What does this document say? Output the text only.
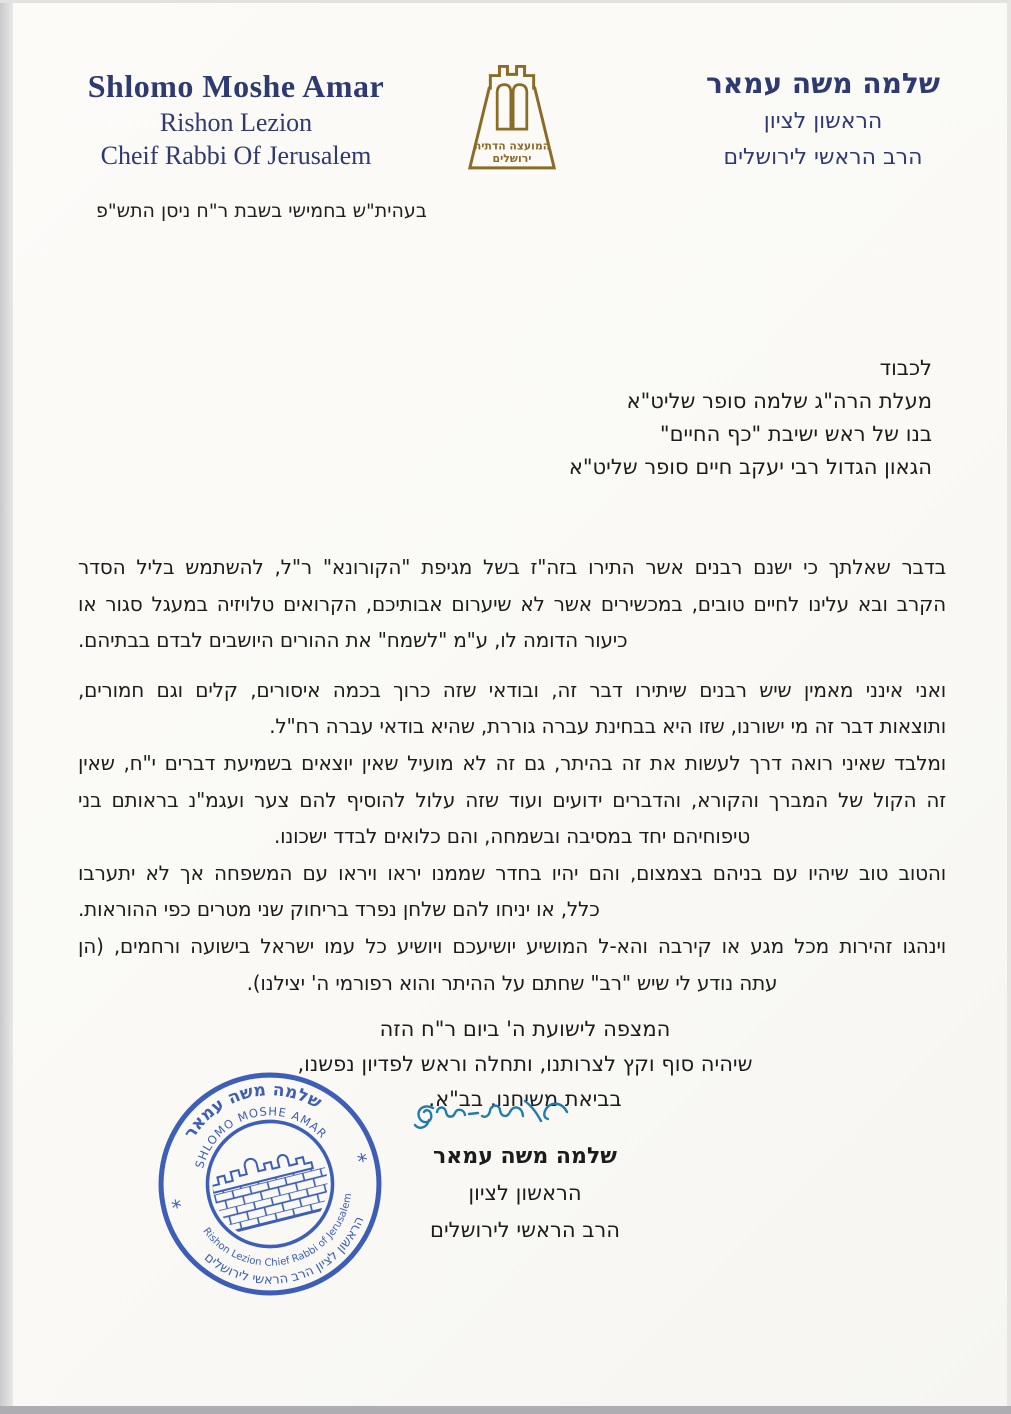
Shlomo Moshe Amar
Rishon Lezion
Cheif Rabbi Of Jerusalem	המועצה הדתית
ירושלים
שלמה משה עמאר
הראשון לציון
הרב הראשי לירושלים
בעהית"ש בחמישי בשבת ר"ח ניסן התש"פ
לכבוד
מעלת הרה"ג שלמה סופר שליט"א
בנו של ראש ישיבת "כף החיים"
הגאון הגדול רבי יעקב חיים סופר שליט"א
בדבר שאלתך כי ישנם רבנים אשר התירו בזה"ז בשל מגיפת "הקורונא" ר"ל, להשתמש בליל הסדר
הקרב ובא עלינו לחיים טובים, במכשירים אשר לא שיערום אבותיכם, הקרואים טלויזיה במעגל סגור או
כיעור הדומה לו, ע"מ "לשמח" את ההורים היושבים לבדם בבתיהם.
ואני אינני מאמין שיש רבנים שיתירו דבר זה, ובודאי שזה כרוך בכמה איסורים, קלים וגם חמורים,
ותוצאות דבר זה מי ישורנו, שזו היא בבחינת עברה גוררת, שהיא בודאי עברה רח"ל.
ומלבד שאיני רואה דרך לעשות את זה בהיתר, גם זה לא מועיל שאין יוצאים בשמיעת דברים י"ח, שאין
זה הקול של המברך והקורא, והדברים ידועים ועוד שזה עלול להוסיף להם צער ועגמ"נ בראותם בני
טיפוחיהם יחד במסיבה ובשמחה, והם כלואים לבדד ישכונו.
והטוב טוב שיהיו עם בניהם בצמצום, והם יהיו בחדר שממנו יראו ויראו עם המשפחה אך לא יתערבו
כלל, או יניחו להם שלחן נפרד בריחוק שני מטרים כפי ההוראות.
וינהגו זהירות מכל מגע או קירבה והא-ל המושיע יושיעכם ויושיע כל עמו ישראל בישועה ורחמים, (הן
עתה נודע לי שיש "רב" שחתם על ההיתר והוא רפורמי ה' יצילנו).
המצפה לישועת ה' ביום ר"ח הזה
שיהיה סוף וקץ לצרותנו, ותחלה וראש לפדיון נפשנו,
בביאת משיחנו, בב"א.
שלמה משה עמאר
הראשון לציון
הרב הראשי לירושלים
שלמה משה עמאר
הראשון לציון הרב הראשי לירושלים
SHLOMO MOSHE AMAR
Rishon Lezion Chief Rabbi of Jerusalem
*
*
